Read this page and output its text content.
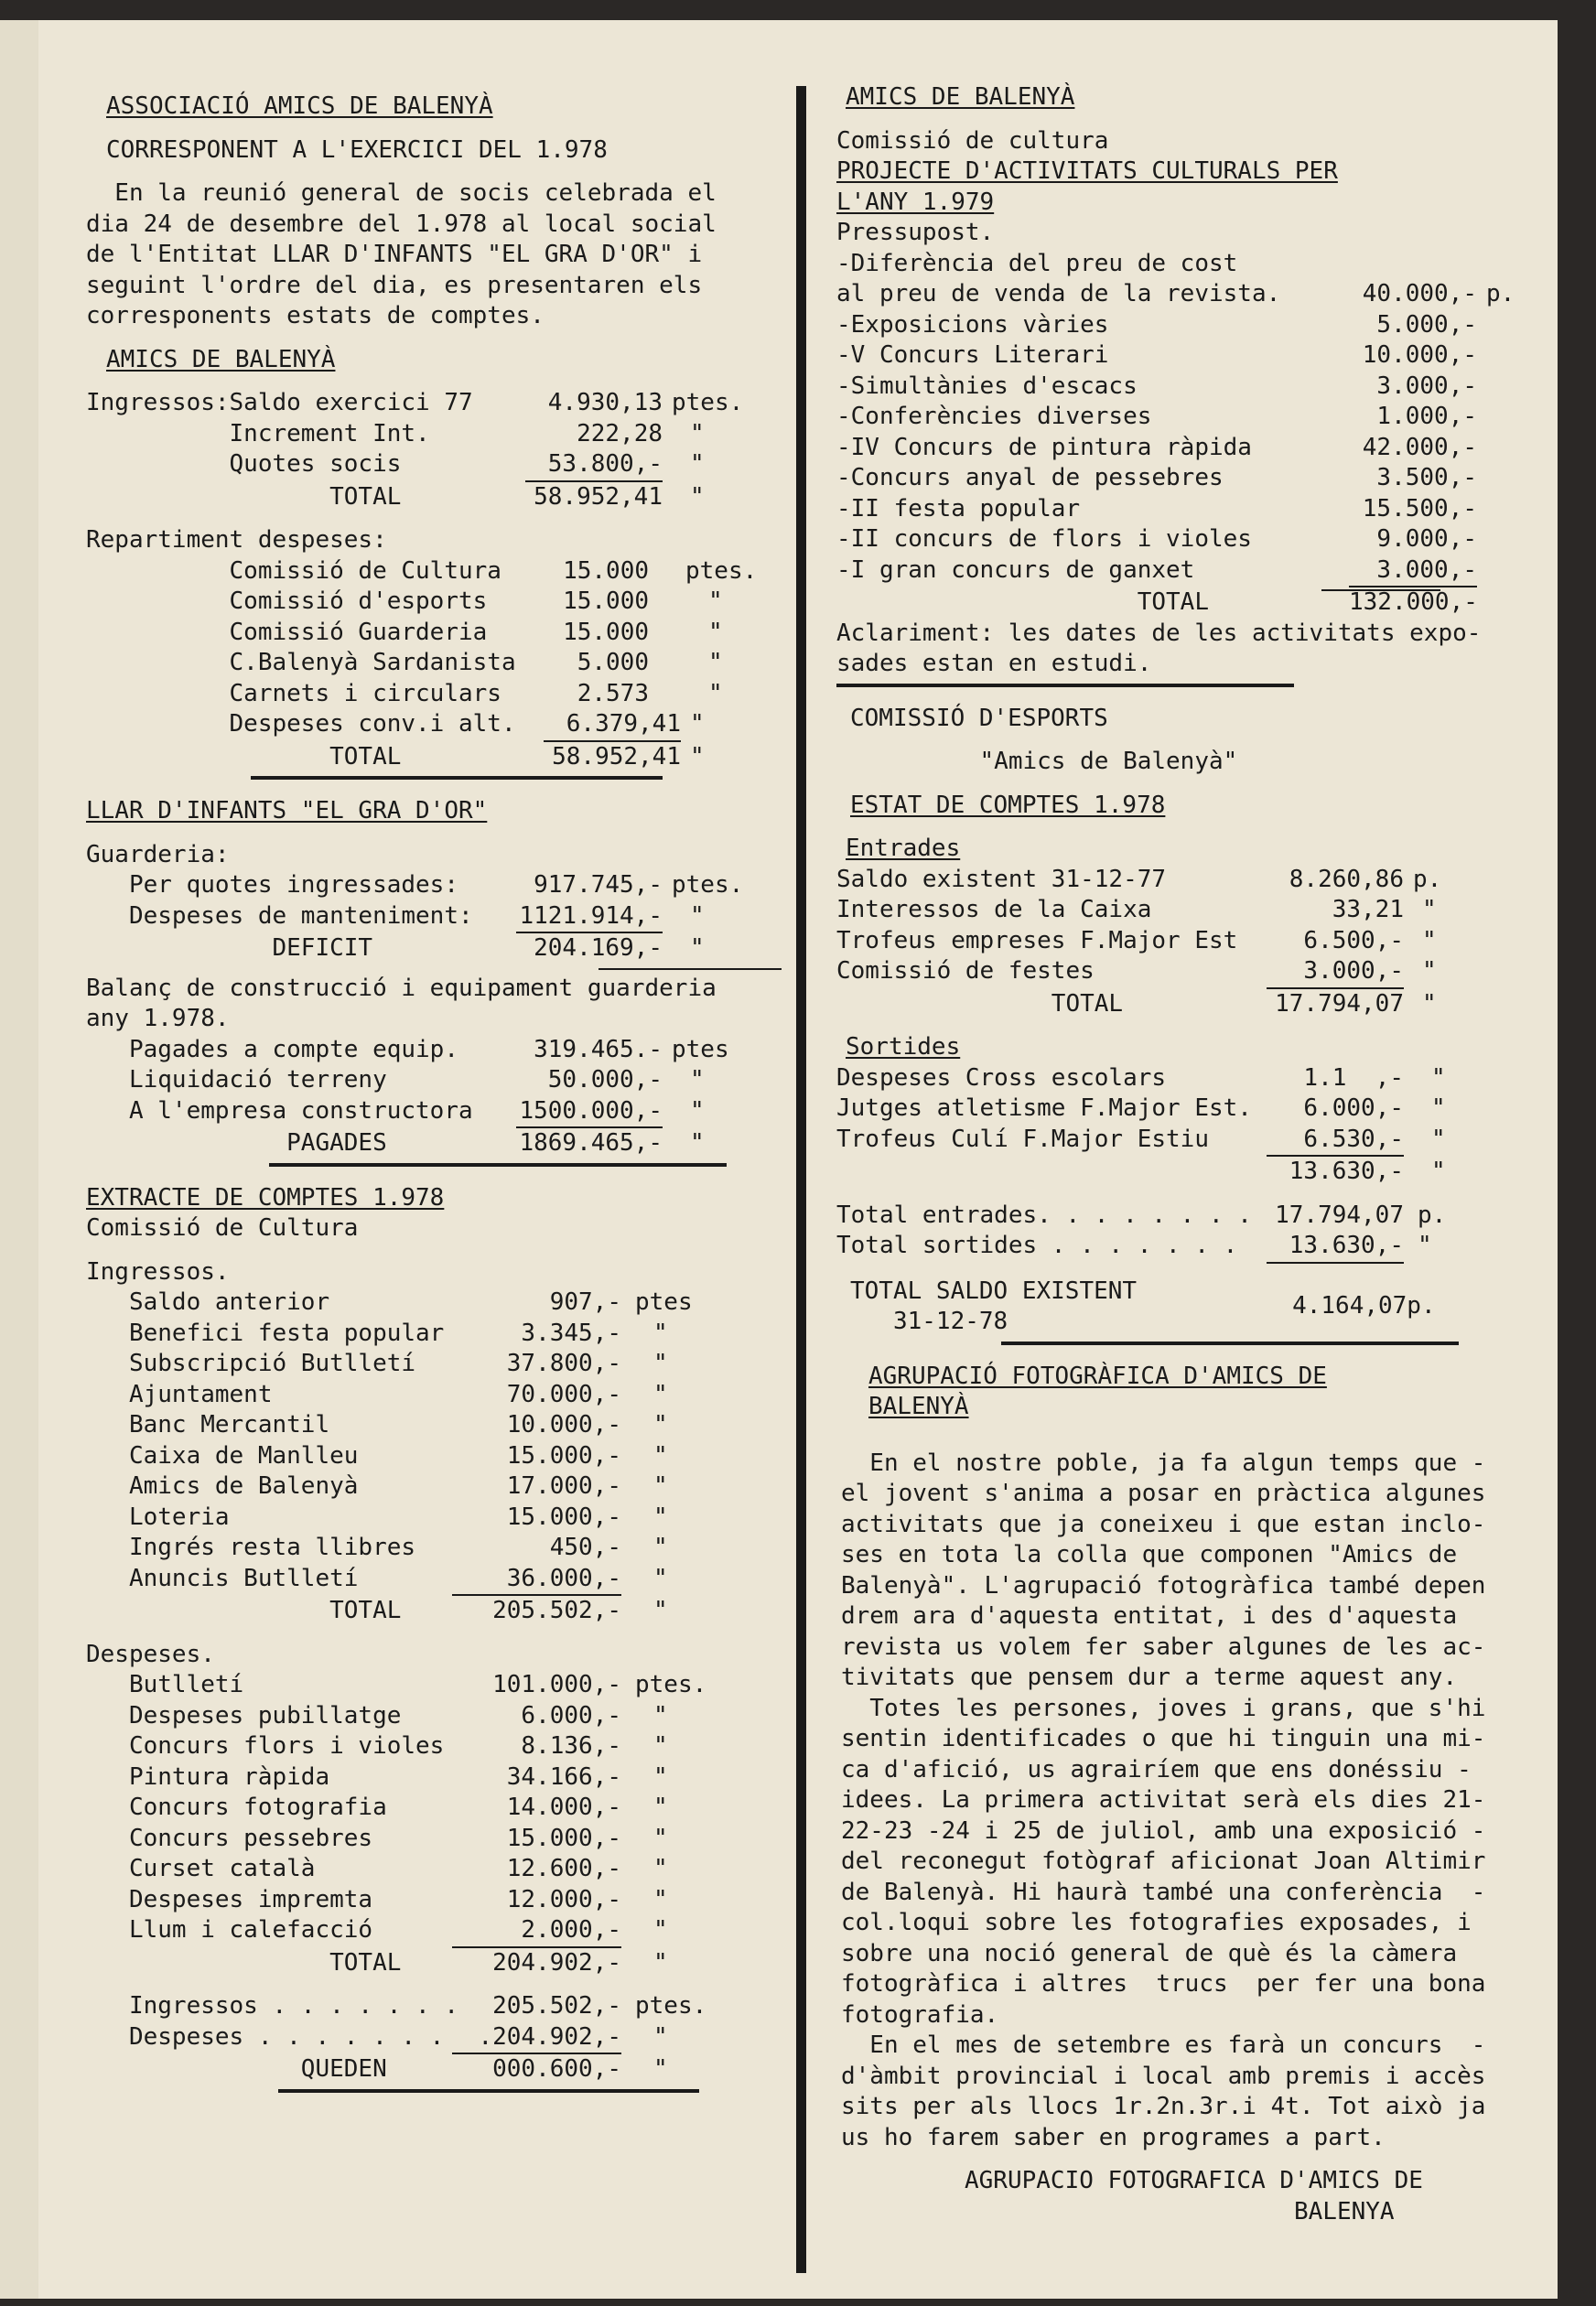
ASSOCIACIÓ AMICS DE BALENYÀ

CORRESPONENT A L'EXERCICI DEL 1.978

En la reunió general de socis celebrada el

dia 24 de desembre del 1.978 al local social

de l'Entitat LLAR D'INFANTS "EL GRA D'OR" i

seguint l'ordre del dia, es presentaren els

corresponents estats de comptes.

AMICS DE BALENYÀ

Ingressos:Saldo exercici 77	4.930,13 ptes.
Increment Int.	222,28 "
Quotes socis	53.800,- "
TOTAL	58.952,41 "

Repartiment despeses:

Comissió de Cultura	15.000 ptes.
Comissió d'esports	15.000	"
Comissió Guarderia	15.000	"
C.Balenyà Sardanista	5.000	"
Carnets i circulars	2.573	"
Despeses conv.i alt.	6.379,41 "
TOTAL	58.952,41 "

LLAR D'INFANTS "EL GRA D'OR"

Guarderia:

Per quotes ingressades:	917.745,- ptes.
Despeses de manteniment:	1121.914,- "
DEFICIT	204.169,- "

Balanç de construcció i equipament guarderia

any 1.978.

Pagades a compte equip.	319.465.- ptes
Liquidació terreny	50.000,- "
A l'empresa constructora	1500.000,- "
PAGADES	1869.465,- "

EXTRACTE DE COMPTES 1.978

Comissió de Cultura

Ingressos.

Saldo anterior	907,- ptes
Benefici festa popular	3.345,- "
Subscripció Butlletí	37.800,- "
Ajuntament	70.000,- "
Banc Mercantil	10.000,- "
Caixa de Manlleu	15.000,- "
Amics de Balenyà	17.000,- "
Loteria	15.000,- "
Ingrés resta llibres	450,- "
Anuncis Butlletí	36.000,- "
TOTAL	205.502,- "

Despeses.

Butlletí	101.000,- ptes.
Despeses pubillatge	6.000,- "
Concurs flors i violes	8.136,- "
Pintura ràpida	34.166,- "
Concurs fotografia	14.000,- "
Concurs pessebres	15.000,- "
Curset català	12.600,- "
Despeses impremta	12.000,- "
Llum i calefacció	2.000,- "
TOTAL	204.902,- "
Ingressos . . . . . . .	205.502,- ptes.
Despeses . . . . . . .	.204.902,- "
QUEDEN	000.600,- "

AMICS DE BALENYÀ

Comissió de cultura

PROJECTE D'ACTIVITATS CULTURALS PER

L'ANY 1.979

Pressupost.

-Diferència del preu de cost

al preu de venda de la revista.	40.000,- p.
-Exposicions vàries	5.000,-
-V Concurs Literari	10.000,-
-Simultànies d'escacs	3.000,-
-Conferències diverses	1.000,-
-IV Concurs de pintura ràpida	42.000,-
-Concurs anyal de pessebres	3.500,-
-II festa popular	15.500,-
-II concurs de flors i violes	9.000,-
-I gran concurs de ganxet	3.000,-
TOTAL	132.000,-

Aclariment: les dates de les activitats expo-

sades estan en estudi.

COMISSIÓ D'ESPORTS

"Amics de Balenyà"

ESTAT DE COMPTES 1.978

Entrades

Saldo existent 31-12-77	8.260,86 p.
Interessos de la Caixa	33,21 "
Trofeus empreses F.Major Est	6.500,- "
Comissió de festes	3.000,- "
TOTAL	17.794,07 "

Sortides

Despeses Cross escolars	1.1  ,- "
Jutges atletisme F.Major Est.	6.000,- "
Trofeus Culí F.Major Estiu	6.530,- "
13.630,- "
Total entrades. . . . . . . . 17.794,07 p.
Total sortides . . . . . . .	13.630,- "

TOTAL SALDO EXISTENT

31-12-78

4.164,07p.

AGRUPACIÓ FOTOGRÀFICA D'AMICS DE

BALENYÀ

En el nostre poble, ja fa algun temps que -

el jovent s'anima a posar en pràctica algunes

activitats que ja coneixeu i que estan inclo-

ses en tota la colla que componen "Amics de

Balenyà". L'agrupació fotogràfica també depen

drem ara d'aquesta entitat, i des d'aquesta

revista us volem fer saber algunes de les ac-

tivitats que pensem dur a terme aquest any.

Totes les persones, joves i grans, que s'hi

sentin identificades o que hi tinguin una mi-

ca d'afició, us agrairíem que ens donéssiu -

idees. La primera activitat serà els dies 21-

22-23 -24 i 25 de juliol, amb una exposició -

del reconegut fotògraf aficionat Joan Altimir

de Balenyà. Hi haurà també una conferència  -

col.loqui sobre les fotografies exposades, i

sobre una noció general de què és la càmera

fotogràfica i altres  trucs  per fer una bona

fotografia.

En el mes de setembre es farà un concurs  -

d'àmbit provincial i local amb premis i accès

sits per als llocs 1r.2n.3r.i 4t. Tot això ja

us ho farem saber en programes a part.

AGRUPACIO FOTOGRAFICA D'AMICS DE

BALENYA
